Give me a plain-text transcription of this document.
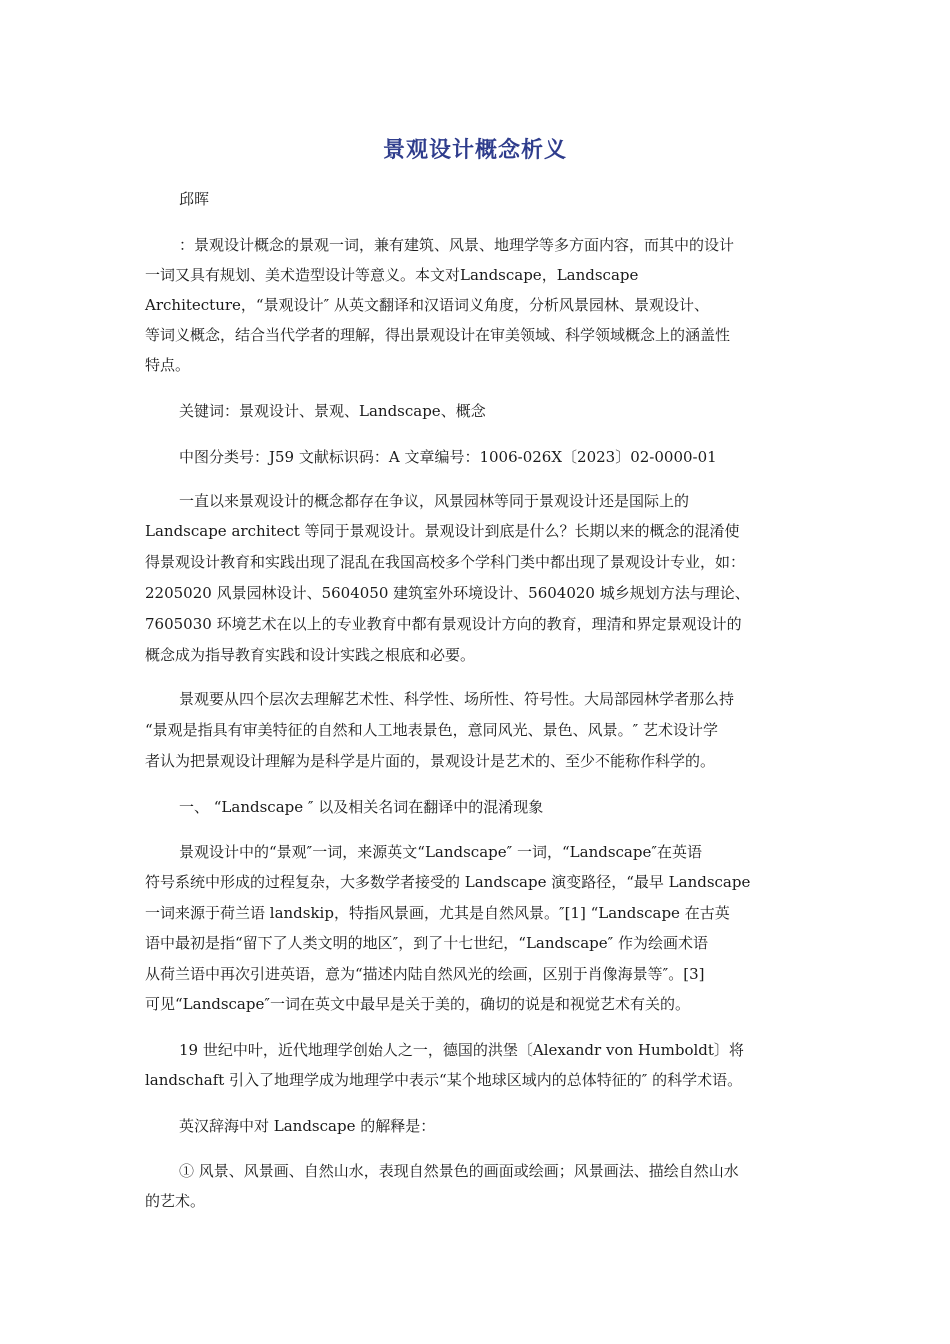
景观设计概念析义
邱晖
：景观设计概念的景观一词，兼有建筑、风景、地理学等多方面内容，而其中的设计
一词又具有规划、美术造型设计等意义。本文对Landscape，Landscape
Architecture，“景观设计″ 从英文翻译和汉语词义角度，分析风景园林、景观设计、
等词义概念，结合当代学者的理解，得出景观设计在审美领域、科学领域概念上的涵盖性
特点。
关键词：景观设计、景观、Landscape、概念
中图分类号：J59 文献标识码：A 文章编号：1006-026X〔2023〕02-0000-01
一直以来景观设计的概念都存在争议，风景园林等同于景观设计还是国际上的
Landscape architect 等同于景观设计。景观设计到底是什么？长期以来的概念的混淆使
得景观设计教育和实践出现了混乱在我国高校多个学科门类中都出现了景观设计专业，如：
2205020 风景园林设计、5604050 建筑室外环境设计、5604020 城乡规划方法与理论、
7605030 环境艺术在以上的专业教育中都有景观设计方向的教育，理清和界定景观设计的
概念成为指导教育实践和设计实践之根底和必要。
景观要从四个层次去理解艺术性、科学性、场所性、符号性。大局部园林学者那么持
“景观是指具有审美特征的自然和人工地表景色，意同风光、景色、风景。″ 艺术设计学
者认为把景观设计理解为是科学是片面的，景观设计是艺术的、至少不能称作科学的。
一、 “Landscape ″ 以及相关名词在翻译中的混淆现象
景观设计中的“景观″一词，来源英文“Landscape″ 一词，“Landscape″在英语
符号系统中形成的过程复杂，大多数学者接受的 Landscape 演变路径，“最早 Landscape
一词来源于荷兰语 landskip，特指风景画，尤其是自然风景。″[1] “Landscape 在古英
语中最初是指“留下了人类文明的地区″，到了十七世纪，“Landscape″ 作为绘画术语
从荷兰语中再次引进英语，意为“描述内陆自然风光的绘画，区别于肖像海景等″。[3]
可见“Landscape″一词在英文中最早是关于美的，确切的说是和视觉艺术有关的。
19 世纪中叶，近代地理学创始人之一，德国的洪堡〔Alexandr von Humboldt〕将
landschaft 引入了地理学成为地理学中表示“某个地球区域内的总体特征的″ 的科学术语。
英汉辞海中对 Landscape 的解释是：
① 风景、风景画、自然山水，表现自然景色的画面或绘画；风景画法、描绘自然山水
的艺术。
